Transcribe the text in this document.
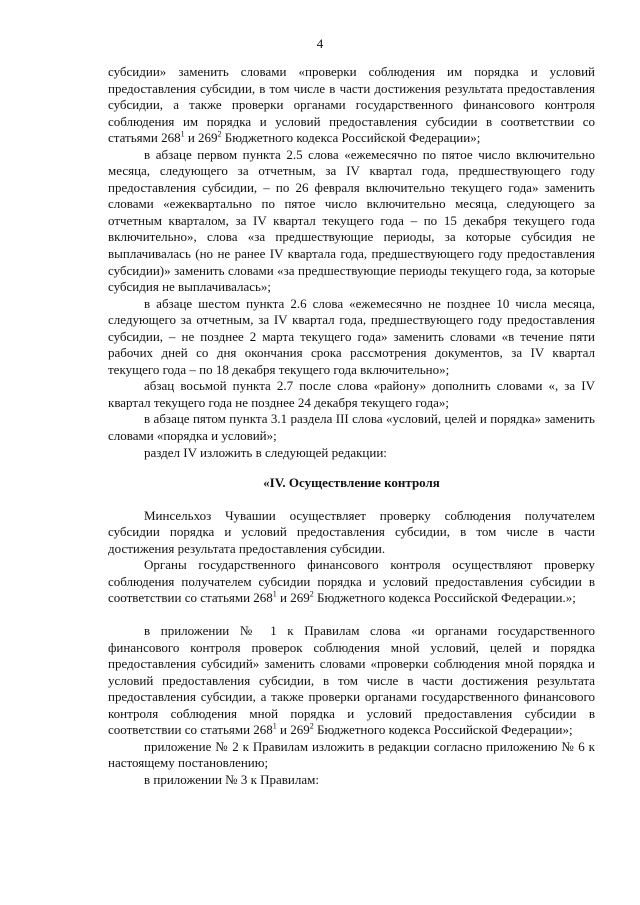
4

субсидии» заменить словами «проверки соблюдения им порядка и условий предоставления субсидии, в том числе в части достижения результата предоставления субсидии, а также проверки органами государственного финансового контроля соблюдения им порядка и условий предоставления субсидии в соответствии со статьями $268^1$ и $269^2$ Бюджетного кодекса Российской Федерации»;

в абзаце первом пункта 2.5 слова «ежемесячно по пятое число включительно месяца, следующего за отчетным, за IV квартал года, предшествующего году предоставления субсидии, – по 26 февраля включительно текущего года» заменить словами «ежеквартально по пятое число включительно месяца, следующего за отчетным кварталом, за IV квартал текущего года – по 15 декабря текущего года включительно», слова «за предшествующие периоды, за которые субсидия не выплачивалась (но не ранее IV квартала года, предшествующего году предоставления субсидии)» заменить словами «за предшествующие периоды текущего года, за которые субсидия не выплачивалась»;

в абзаце шестом пункта 2.6 слова «ежемесячно не позднее 10 числа месяца, следующего за отчетным, за IV квартал года, предшествующего году предоставления субсидии, – не позднее 2 марта текущего года» заменить словами «в течение пяти рабочих дней со дня окончания срока рассмотрения документов, за IV квартал текущего года – по 18 декабря текущего года включительно»;

абзац восьмой пункта 2.7 после слова «району» дополнить словами «, за IV квартал текущего года не позднее 24 декабря текущего года»;

в абзаце пятом пункта 3.1 раздела III слова «условий, целей и порядка» заменить словами «порядка и условий»;

раздел IV изложить в следующей редакции:

«IV. Осуществление контроля

Минсельхоз Чувашии осуществляет проверку соблюдения получателем субсидии порядка и условий предоставления субсидии, в том числе в части достижения результата предоставления субсидии.

Органы государственного финансового контроля осуществляют проверку соблюдения получателем субсидии порядка и условий предоставления субсидии в соответствии со статьями $268^1$ и $269^2$ Бюджетного кодекса Российской Федерации.»;

в приложении № 1 к Правилам слова «и органами государственного финансового контроля проверок соблюдения мной условий, целей и порядка предоставления субсидий» заменить словами «проверки соблюдения мной порядка и условий предоставления субсидии, в том числе в части достижения результата предоставления субсидии, а также проверки органами государственного финансового контроля соблюдения мной порядка и условий предоставления субсидии в соответствии со статьями $268^1$ и $269^2$ Бюджетного кодекса Российской Федерации»;

приложение № 2 к Правилам изложить в редакции согласно приложению № 6 к настоящему постановлению;

в приложении № 3 к Правилам:
